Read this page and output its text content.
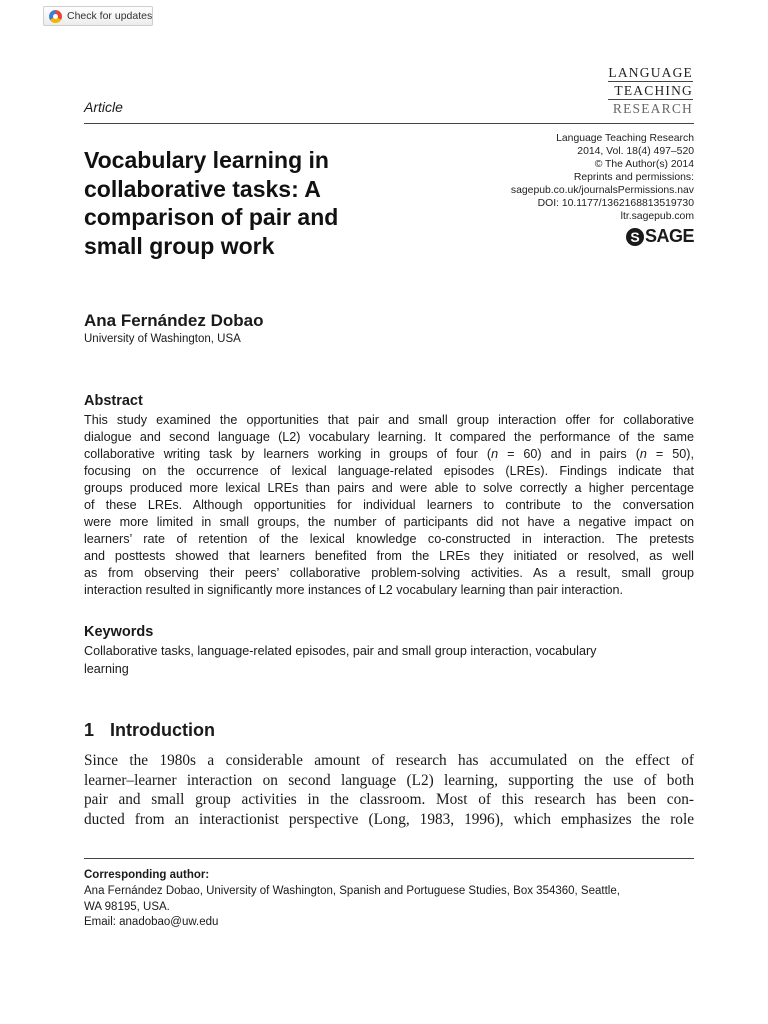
Check for updates
LANGUAGE
TEACHING
RESEARCH
Article
Language Teaching Research
2014, Vol. 18(4) 497–520
© The Author(s) 2014
Reprints and permissions:
sagepub.co.uk/journalsPermissions.nav
DOI: 10.1177/1362168813519730
ltr.sagepub.com
S SAGE
Vocabulary learning in
collaborative tasks: A
comparison of pair and
small group work
Ana Fernández Dobao
University of Washington, USA
Abstract
This study examined the opportunities that pair and small group interaction offer for collaborative
dialogue and second language (L2) vocabulary learning. It compared the performance of the same
collaborative writing task by learners working in groups of four (n = 60) and in pairs (n = 50),
focusing on the occurrence of lexical language-related episodes (LREs). Findings indicate that
groups produced more lexical LREs than pairs and were able to solve correctly a higher percentage
of these LREs. Although opportunities for individual learners to contribute to the conversation
were more limited in small groups, the number of participants did not have a negative impact on
learners’ rate of retention of the lexical knowledge co-constructed in interaction. The pretests
and posttests showed that learners benefited from the LREs they initiated or resolved, as well
as from observing their peers’ collaborative problem-solving activities. As a result, small group
interaction resulted in significantly more instances of L2 vocabulary learning than pair interaction.
Keywords
Collaborative tasks, language-related episodes, pair and small group interaction, vocabulary
learning
1 Introduction
Since the 1980s a considerable amount of research has accumulated on the effect of
learner–learner interaction on second language (L2) learning, supporting the use of both
pair and small group activities in the classroom. Most of this research has been con-
ducted from an interactionist perspective (Long, 1983, 1996), which emphasizes the role
Corresponding author:
Ana Fernández Dobao, University of Washington, Spanish and Portuguese Studies, Box 354360, Seattle,
WA 98195, USA.
Email: anadobao@uw.edu
